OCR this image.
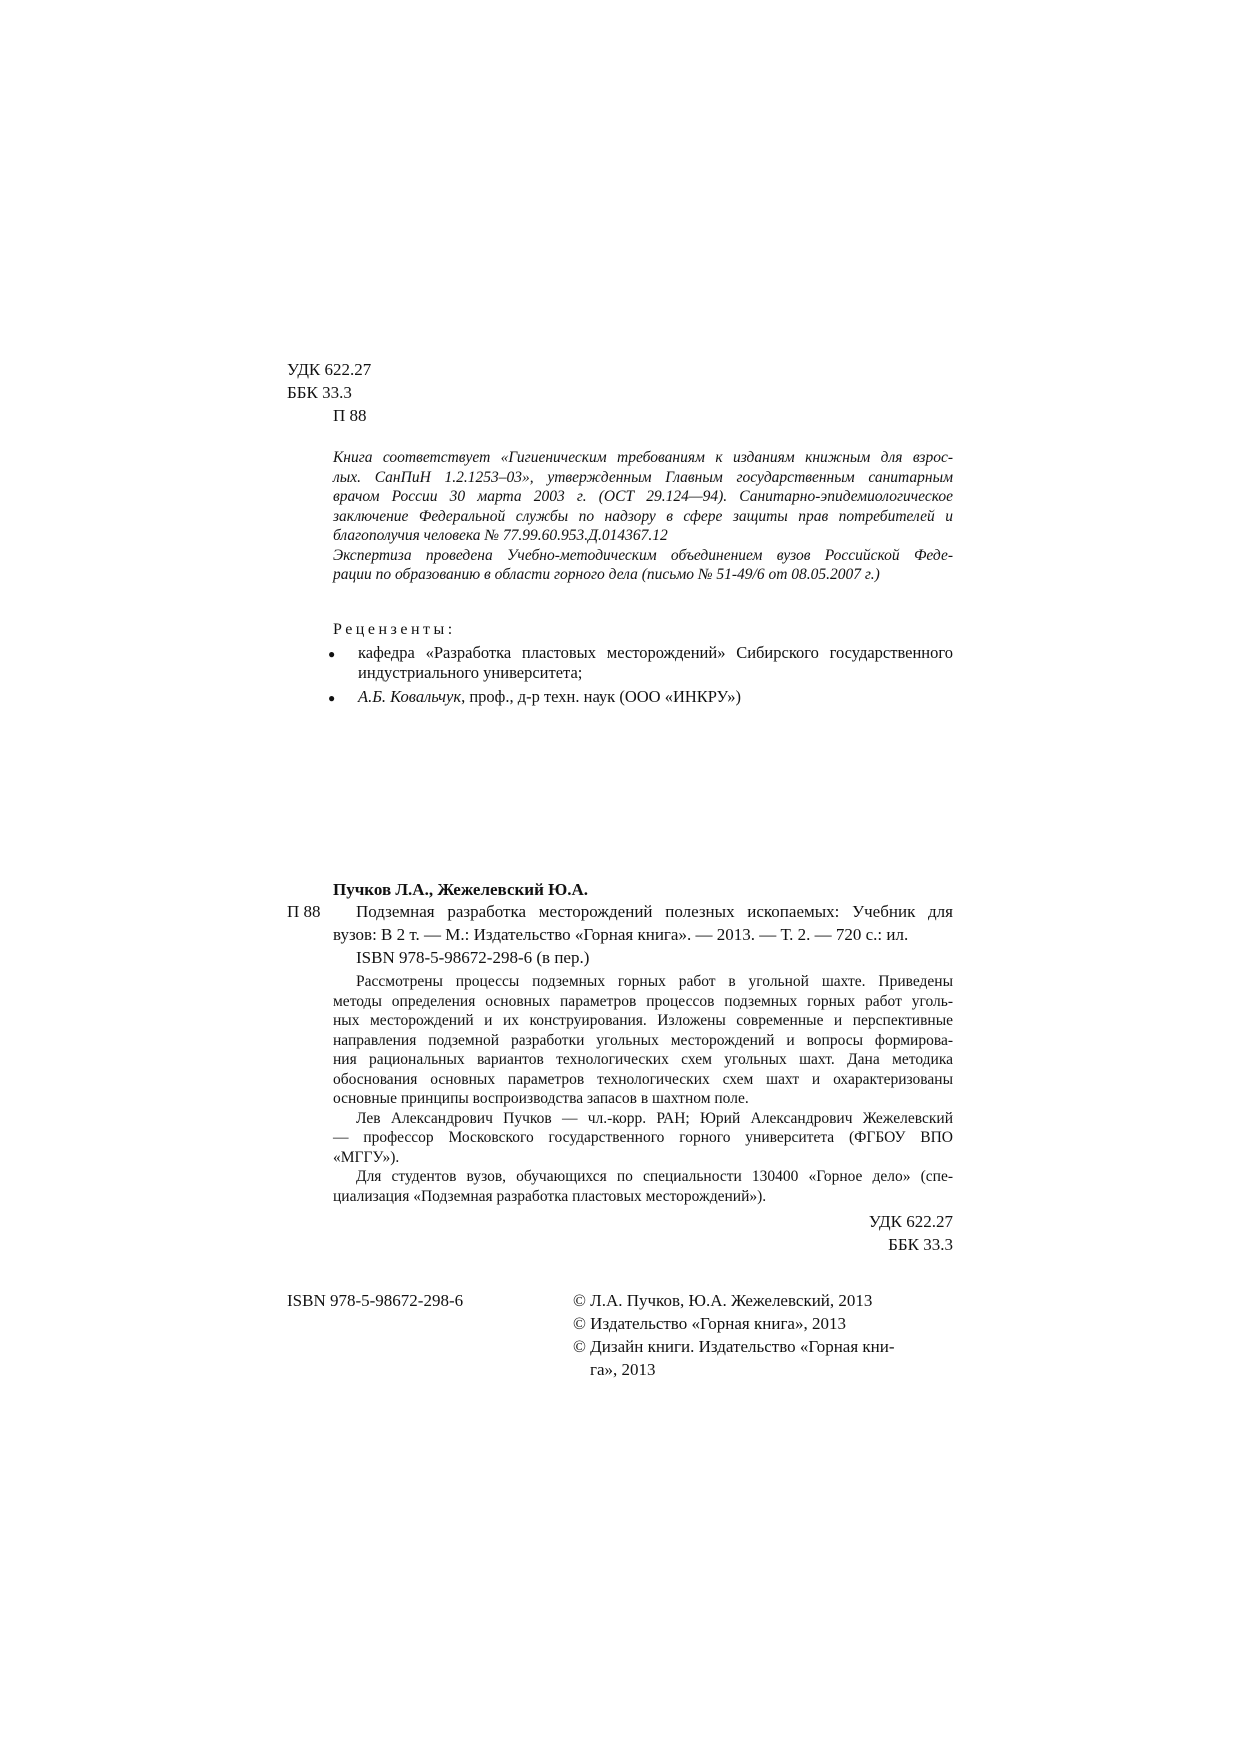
УДК 622.27
ББК 33.3
П 88
Книга соответствует «Гигиеническим требованиям к изданиям книжным для взрос-
лых. СанПиН 1.2.1253–03», утвержденным Главным государственным санитарным
врачом России 30 марта 2003 г. (ОСТ 29.124—94). Санитарно-эпидемиологическое
заключение Федеральной службы по надзору в сфере защиты прав потребителей и
благополучия человека № 77.99.60.953.Д.014367.12
Экспертиза проведена Учебно-методическим объединением вузов Российской Феде-
рации по образованию в области горного дела (письмо № 51-49/6 от 08.05.2007 г.)
Рецензенты:
● кафедра «Разработка пластовых месторождений» Сибирского государственного
индустриального университета;
● А.Б. Ковальчук, проф., д-р техн. наук (ООО «ИНКРУ»)
Пучков Л.А., Жежелевский Ю.А.
П 88 Подземная разработка месторождений полезных ископаемых: Учебник для
вузов: В 2 т. — М.: Издательство «Горная книга». — 2013. — Т. 2. — 720 с.: ил.
ISBN 978-5-98672-298-6 (в пер.)
Рассмотрены процессы подземных горных работ в угольной шахте. Приведены
методы определения основных параметров процессов подземных горных работ уголь-
ных месторождений и их конструирования. Изложены современные и перспективные
направления подземной разработки угольных месторождений и вопросы формирова-
ния рациональных вариантов технологических схем угольных шахт. Дана методика
обоснования основных параметров технологических схем шахт и охарактеризованы
основные принципы воспроизводства запасов в шахтном поле.
Лев Александрович Пучков — чл.-корр. РАН; Юрий Александрович Жежелевский
— профессор Московского государственного горного университета (ФГБОУ ВПО
«МГГУ»).
Для студентов вузов, обучающихся по специальности 130400 «Горное дело» (спе-
циализация «Подземная разработка пластовых месторождений»).
УДК 622.27
ББК 33.3
ISBN 978-5-98672-298-6	© Л.А. Пучков, Ю.А. Жежелевский, 2013
© Издательство «Горная книга», 2013
© Дизайн книги. Издательство «Горная кни-
га», 2013
